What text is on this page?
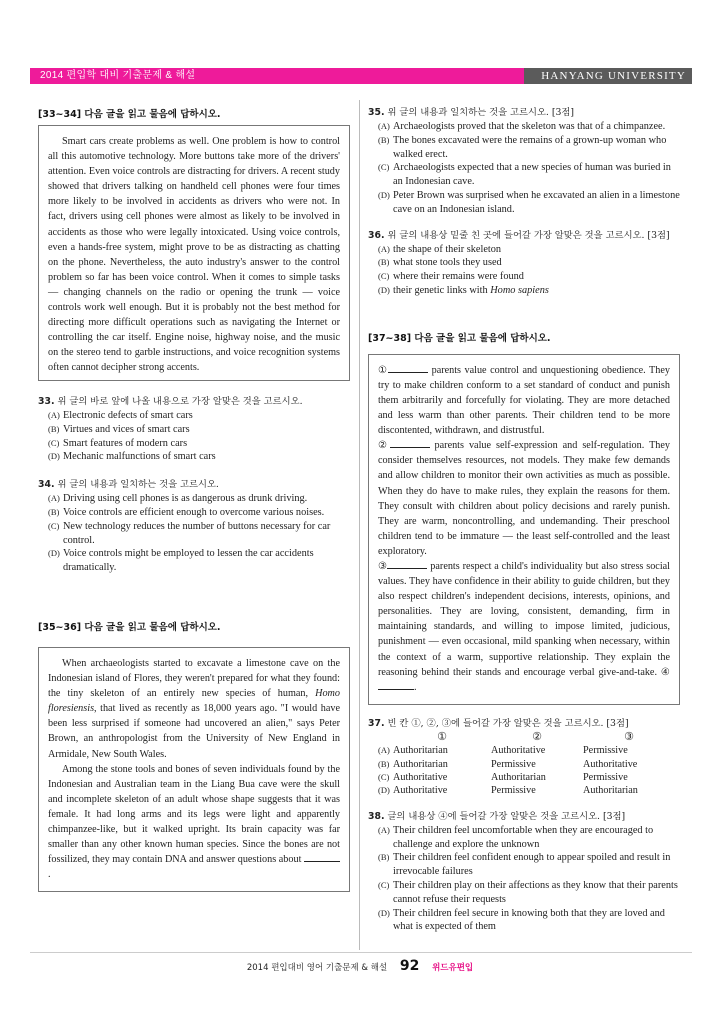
2014 편입학 대비 기출문제 & 해설	HANYANG UNIVERSITY
[33~34] 다음 글을 읽고 물음에 답하시오.

Smart cars create problems as well. One problem is how to control all this automotive technology. More buttons take more of the drivers' attention. Even voice controls are distracting for drivers. A recent study showed that drivers talking on handheld cell phones were four times more likely to be involved in accidents as drivers who were not. In fact, drivers using cell phones were almost as likely to be involved in accidents as those who were legally intoxicated. Using voice controls, even a hands-free system, might prove to be as distracting as chatting on the phone. Nevertheless, the auto industry's answer to the control problem so far has been voice control. When it comes to simple tasks — changing channels on the radio or opening the trunk — voice controls work well enough. But it is probably not the best method for directing more difficult operations such as navigating the Internet or controlling the car itself. Engine noise, highway noise, and the music on the stereo tend to garble instructions, and voice recognition systems often cannot decipher strong accents.

33. 위 글의 바로 앞에 나올 내용으로 가장 알맞은 것을 고르시오.
(A) Electronic defects of smart cars
(B) Virtues and vices of smart cars
(C) Smart features of modern cars
(D) Mechanic malfunctions of smart cars
34. 위 글의 내용과 일치하는 것을 고르시오.
(A) Driving using cell phones is as dangerous as drunk driving.
(B) Voice controls are efficient enough to overcome various noises.
(C) New technology reduces the number of buttons necessary for car control.
(D) Voice controls might be employed to lessen the car accidents dramatically.
[35~36] 다음 글을 읽고 물음에 답하시오.

When archaeologists started to excavate a limestone cave on the Indonesian island of Flores, they weren't prepared for what they found: the tiny skeleton of an entirely new species of human, Homo floresiensis, that lived as recently as 18,000 years ago. "I would have been less surprised if someone had uncovered an alien," says Peter Brown, an anthropologist from the University of New England in Armidale, New South Wales.

Among the stone tools and bones of seven individuals found by the Indonesian and Australian team in the Liang Bua cave were the skull and incomplete skeleton of an adult whose shape suggests that it was female. It had long arms and its legs were light and apparently chimpanzee-like, but it walked upright. Its brain capacity was far smaller than any other known human species. Since the bones are not fossilized, they may contain DNA and answer questions about .

35. 위 글의 내용과 일치하는 것을 고르시오. [3점]
(A) Archaeologists proved that the skeleton was that of a chimpanzee.
(B) The bones excavated were the remains of a grown-up woman who walked erect.
(C) Archaeologists expected that a new species of human was buried in an Indonesian cave.
(D) Peter Brown was surprised when he excavated an alien in a limestone cave on an Indonesian island.
36. 위 글의 내용상 밑줄 친 곳에 들어갈 가장 알맞은 것을 고르시오. [3점]
(A) the shape of their skeleton
(B) what stone tools they used
(C) where their remains were found
(D) their genetic links with Homo sapiens
[37~38] 다음 글을 읽고 물음에 답하시오.
①	parents value control and unquestioning obedience. They try to make children conform to a set standard of conduct and punish them arbitrarily and forcefully for violating. They are more detached and less warm than other parents. Their children tend to be more discontented, withdrawn, and distrustful.
②	parents value self-expression and self-regulation. They consider themselves resources, not models. They make few demands and allow children to monitor their own activities as much as possible. When they do have to make rules, they explain the reasons for them. They consult with children about policy decisions and rarely punish. They are warm, noncontrolling, and undemanding. Their preschool children tend to be immature — the least self-controlled and the least exploratory.
③	parents respect a child's individuality but also stress social values. They have confidence in their ability to guide children, but they also respect children's independent decisions, interests, opinions, and personalities. They are loving, consistent, demanding, firm in maintaining standards, and willing to impose limited, judicious, punishment — even occasional, mild spanking when necessary, within the context of a warm, supportive relationship. They explain the reasoning behind their stands and encourage verbal give-and-take. ④.
37. 빈 칸 ①, ②, ③에 들어갈 가장 알맞은 것을 고르시오. [3점]
①	②	③
(A) Authoritarian	Authoritative	Permissive
(B) Authoritarian	Permissive	Authoritative
(C) Authoritative	Authoritarian	Permissive
(D) Authoritative	Permissive	Authoritarian
38. 글의 내용상 ④에 들어갈 가장 알맞은 것을 고르시오. [3점]
(A) Their children feel uncomfortable when they are encouraged to challenge and explore the unknown
(B) Their children feel confident enough to appear spoiled and result in irrevocable failures
(C) Their children play on their affections as they know that their parents cannot refuse their requests
(D) Their children feel secure in knowing both that they are loved and what is expected of them
2014 편입대비 영어 기출문제 & 해설 92 위드유편입
